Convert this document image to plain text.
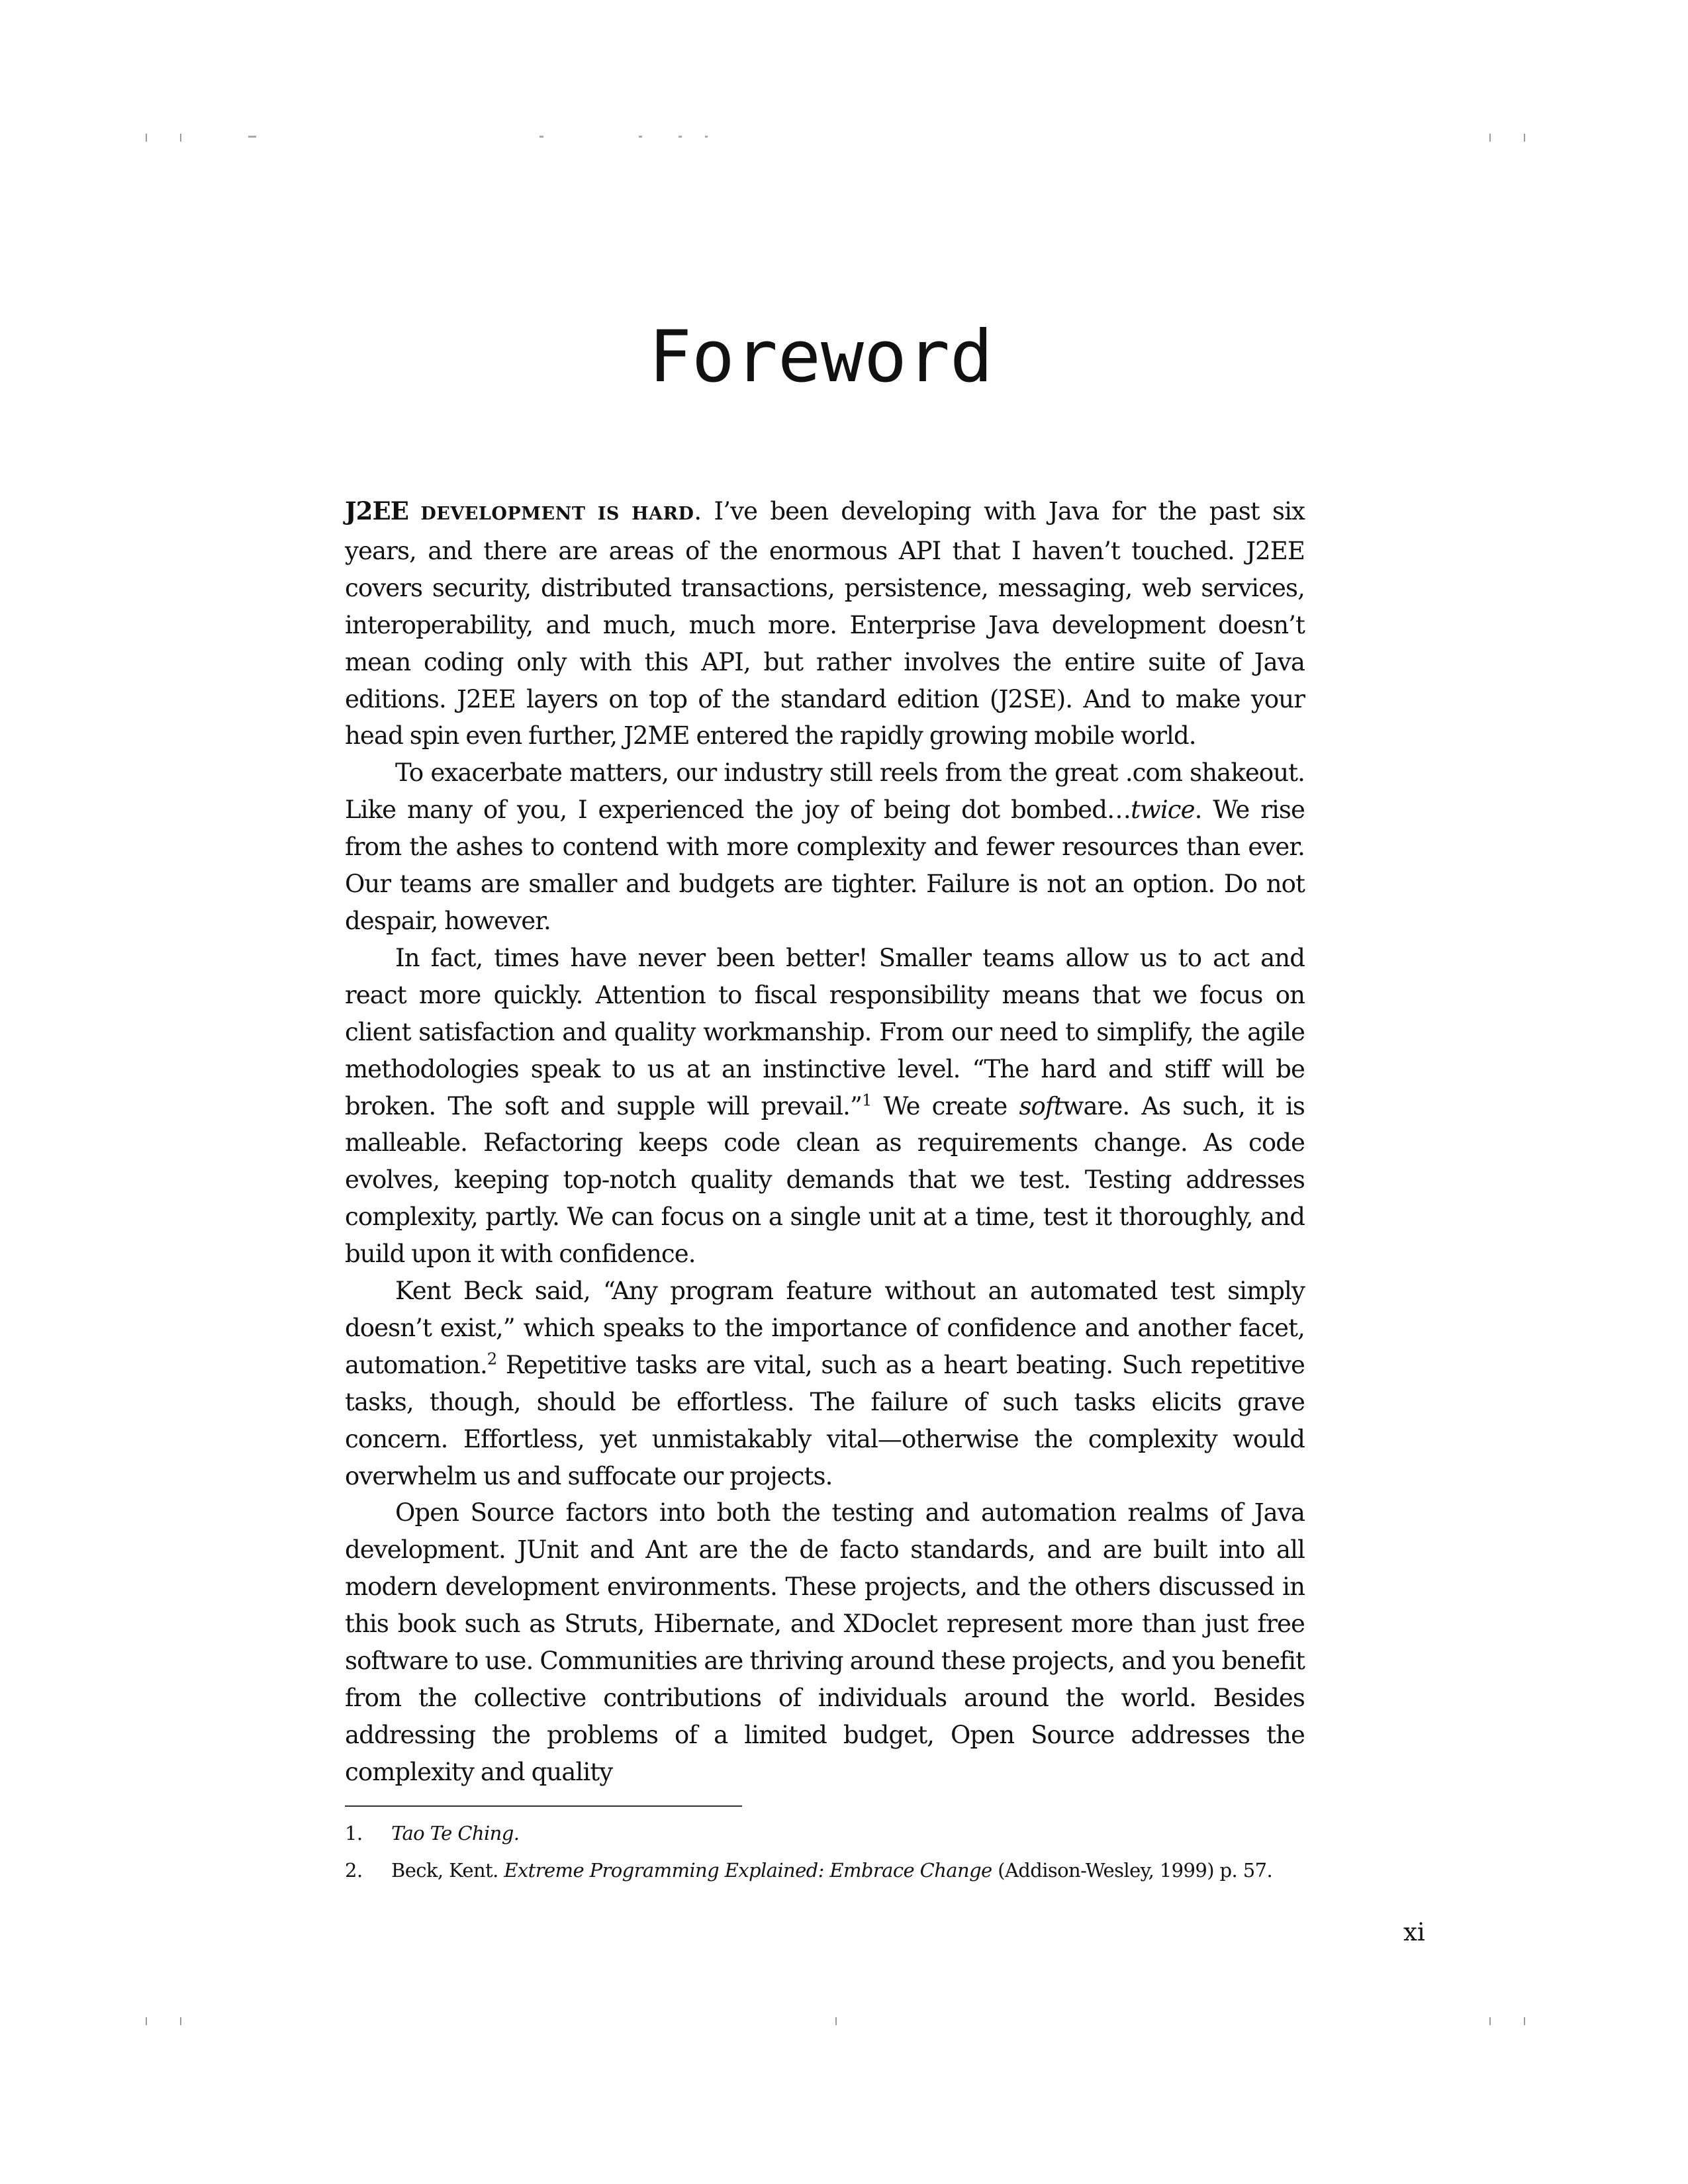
Foreword

J2EE DEVELOPMENT IS HARD. I’ve been developing with Java for the past six years, and there are areas of the enormous API that I haven’t touched. J2EE covers security, distributed transactions, persistence, messaging, web services, interoperability, and much, much more. Enterprise Java development doesn’t mean coding only with this API, but rather involves the entire suite of Java editions. J2EE layers on top of the standard edition (J2SE). And to make your head spin even further, J2ME entered the rapidly growing mobile world.

To exacerbate matters, our industry still reels from the great .com shakeout. Like many of you, I experienced the joy of being dot bombed…twice. We rise from the ashes to contend with more complexity and fewer resources than ever. Our teams are smaller and budgets are tighter. Failure is not an option. Do not despair, however.

In fact, times have never been better! Smaller teams allow us to act and react more quickly. Attention to fiscal responsibility means that we focus on client satisfaction and quality workmanship. From our need to simplify, the agile methodologies speak to us at an instinctive level. “The hard and stiff will be broken. The soft and supple will prevail.”$^1$ We create software. As such, it is malleable. Refactoring keeps code clean as requirements change. As code evolves, keeping top-notch quality demands that we test. Testing addresses complexity, partly. We can focus on a single unit at a time, test it thoroughly, and build upon it with confidence.

Kent Beck said, “Any program feature without an automated test simply doesn’t exist,” which speaks to the importance of confidence and another facet, automation.$^2$ Repetitive tasks are vital, such as a heart beating. Such repetitive tasks, though, should be effortless. The failure of such tasks elicits grave concern. Effortless, yet unmistakably vital—otherwise the complexity would overwhelm us and suffocate our projects.

Open Source factors into both the testing and automation realms of Java development. JUnit and Ant are the de facto standards, and are built into all modern development environments. These projects, and the others discussed in this book such as Struts, Hibernate, and XDoclet represent more than just free software to use. Communities are thriving around these projects, and you benefit from the collective contributions of individuals around the world. Besides addressing the problems of a limited budget, Open Source addresses the complexity and quality

1. Tao Te Ching.
2. Beck, Kent. Extreme Programming Explained: Embrace Change (Addison-Wesley, 1999) p. 57.
xi
